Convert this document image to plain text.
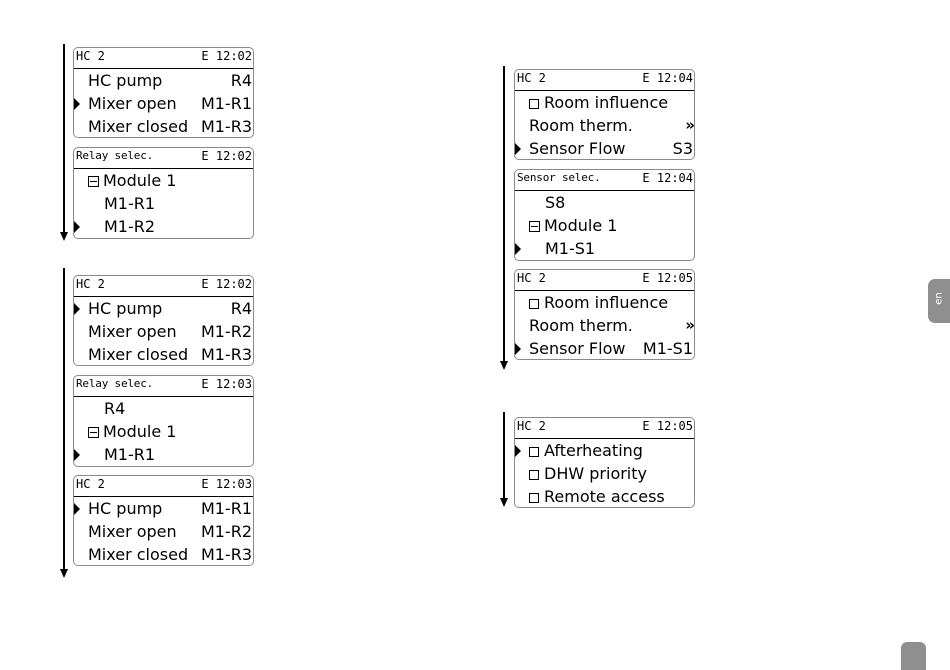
HC 2	E 12:02
HC pump	R4
Mixer open M1-R1
Mixer closed M1-R3
Relay selec.	E 12:02
Module 1
M1-R1
M1-R2
HC 2	E 12:02
HC pump	R4
Mixer open M1-R2
Mixer closed M1-R3
Relay selec.	E 12:03
R4
Module 1
M1-R1
HC 2	E 12:03
HC pump M1-R1
Mixer open M1-R2
Mixer closed M1-R3
HC 2	E 12:04
Room influence
Room therm.	»
Sensor Flow	S3
Sensor selec.	E 12:04
S8
Module 1
M1-S1
HC 2	E 12:05
Room influence
Room therm.	»
Sensor Flow M1-S1
HC 2	E 12:05
Afterheating
DHW priority
Remote access
en
